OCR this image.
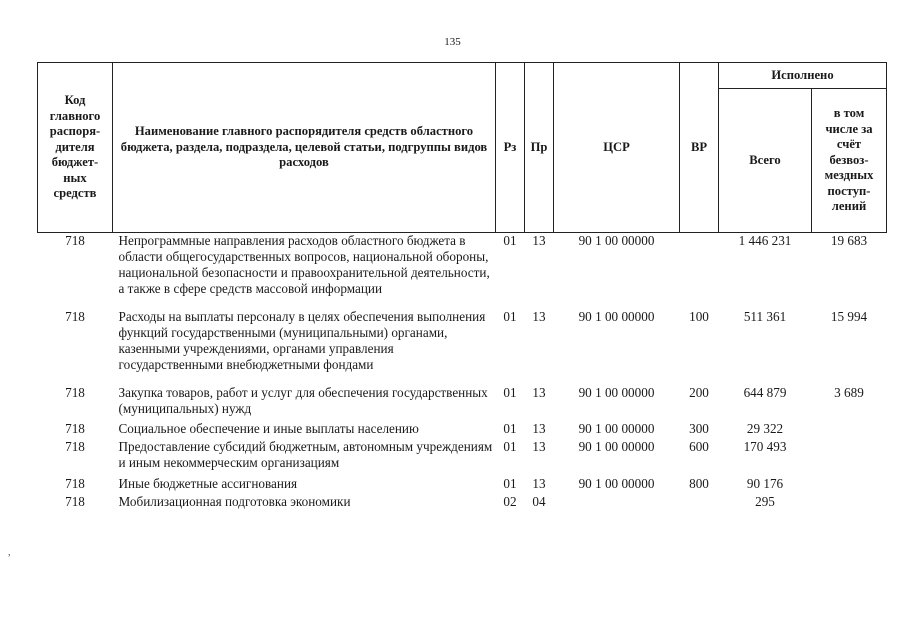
135
Код главного распоря-дителя бюджет-ных средств	Наименование главного распорядителя средств областного бюджета, раздела, подраздела, целевой статьи, подгруппы видов расходов	Рз	Пр	ЦСР	ВР	Исполнено	
						Всего	в том числе за счёт безвоз-мездных поступ-лений
718	Непрограммные направления расходов областного бюджета в области общегосударственных вопросов, национальной обороны, национальной безопасности и правоохранительной деятельности, а также в сфере средств массовой информации	01	13	90 1 00 00000		1 446 231	19 683

718	Расходы на выплаты персоналу в целях обеспечения выполнения функций государственными (муниципальными) органами, казенными учреждениями, органами управления государственными внебюджетными фондами	01	13	90 1 00 00000	100	511 361	15 994

718	Закупка товаров, работ и услуг для обеспечения государственных (муниципальных) нужд	01	13	90 1 00 00000	200	644 879	3 689

718	Социальное обеспечение и иные выплаты населению	01	13	90 1 00 00000	300	29 322	

718	Предоставление субсидий бюджетным, автономным учреждениям и иным некоммерческим организациям	01	13	90 1 00 00000	600	170 493	

718	Иные бюджетные ассигнования	01	13	90 1 00 00000	800	90 176	

718	Мобилизационная подготовка экономики	02	04			295	
,
